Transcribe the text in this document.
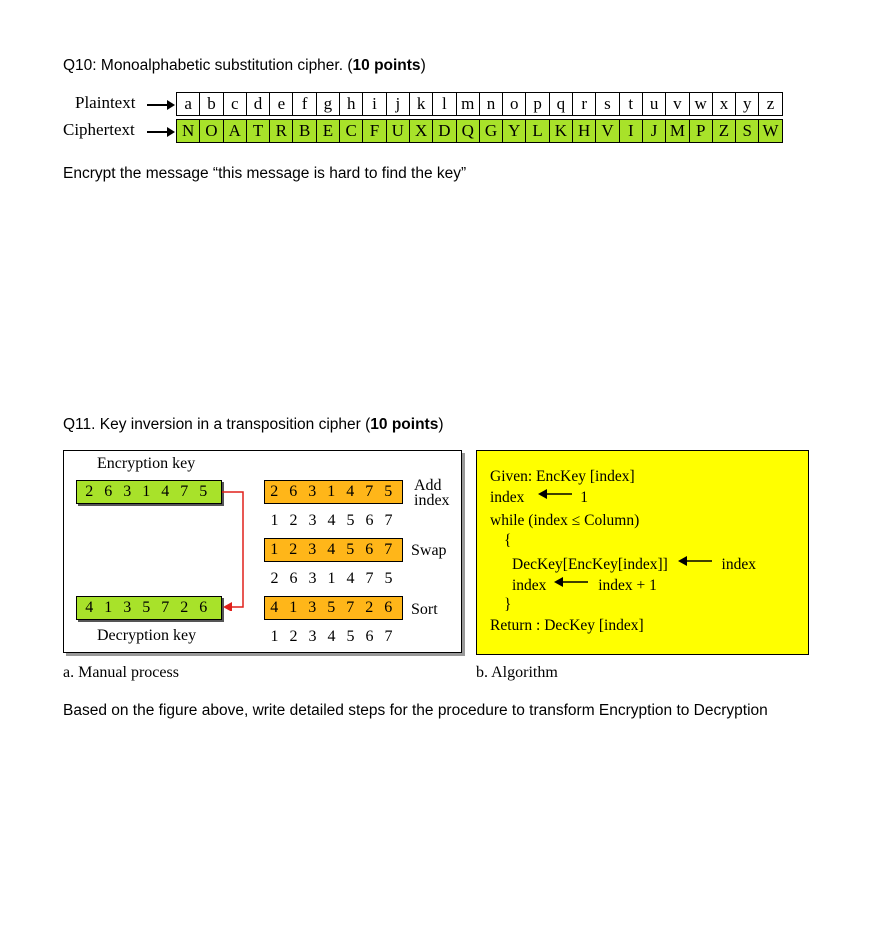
Q10: Monoalphabetic substitution cipher. (10 points)
Plaintext	a b c d e f g h i	j k l m n o p q r	s	t u v w x y z
Ciphertext	N O A T R B E C F U X D Q G Y L K H V I	J M P Z S W
Encrypt the message “this message is hard to find the key”
Q11. Key inversion in a transposition cipher (10 points)
Encryption key
2 6 3 1 4 7 5
4 1 3 5 7 2 6
Decryption key
2 6 3 1 4 7 5	Add
index
1 2 3 4 5 6 7
1 2 3 4 5 6 7	Swap
2 6 3 1 4 7 5
4 1 3 5 7 2 6	Sort
1 2 3 4 5 6 7
Given: EncKey [index]
index	1
while (index ≤ Column)
{
DecKey[EncKey[index]]	index
index	index + 1
}
Return : DecKey [index]
a. Manual process	b. Algorithm
Based on the figure above, write detailed steps for the procedure to transform Encryption to Decryption
